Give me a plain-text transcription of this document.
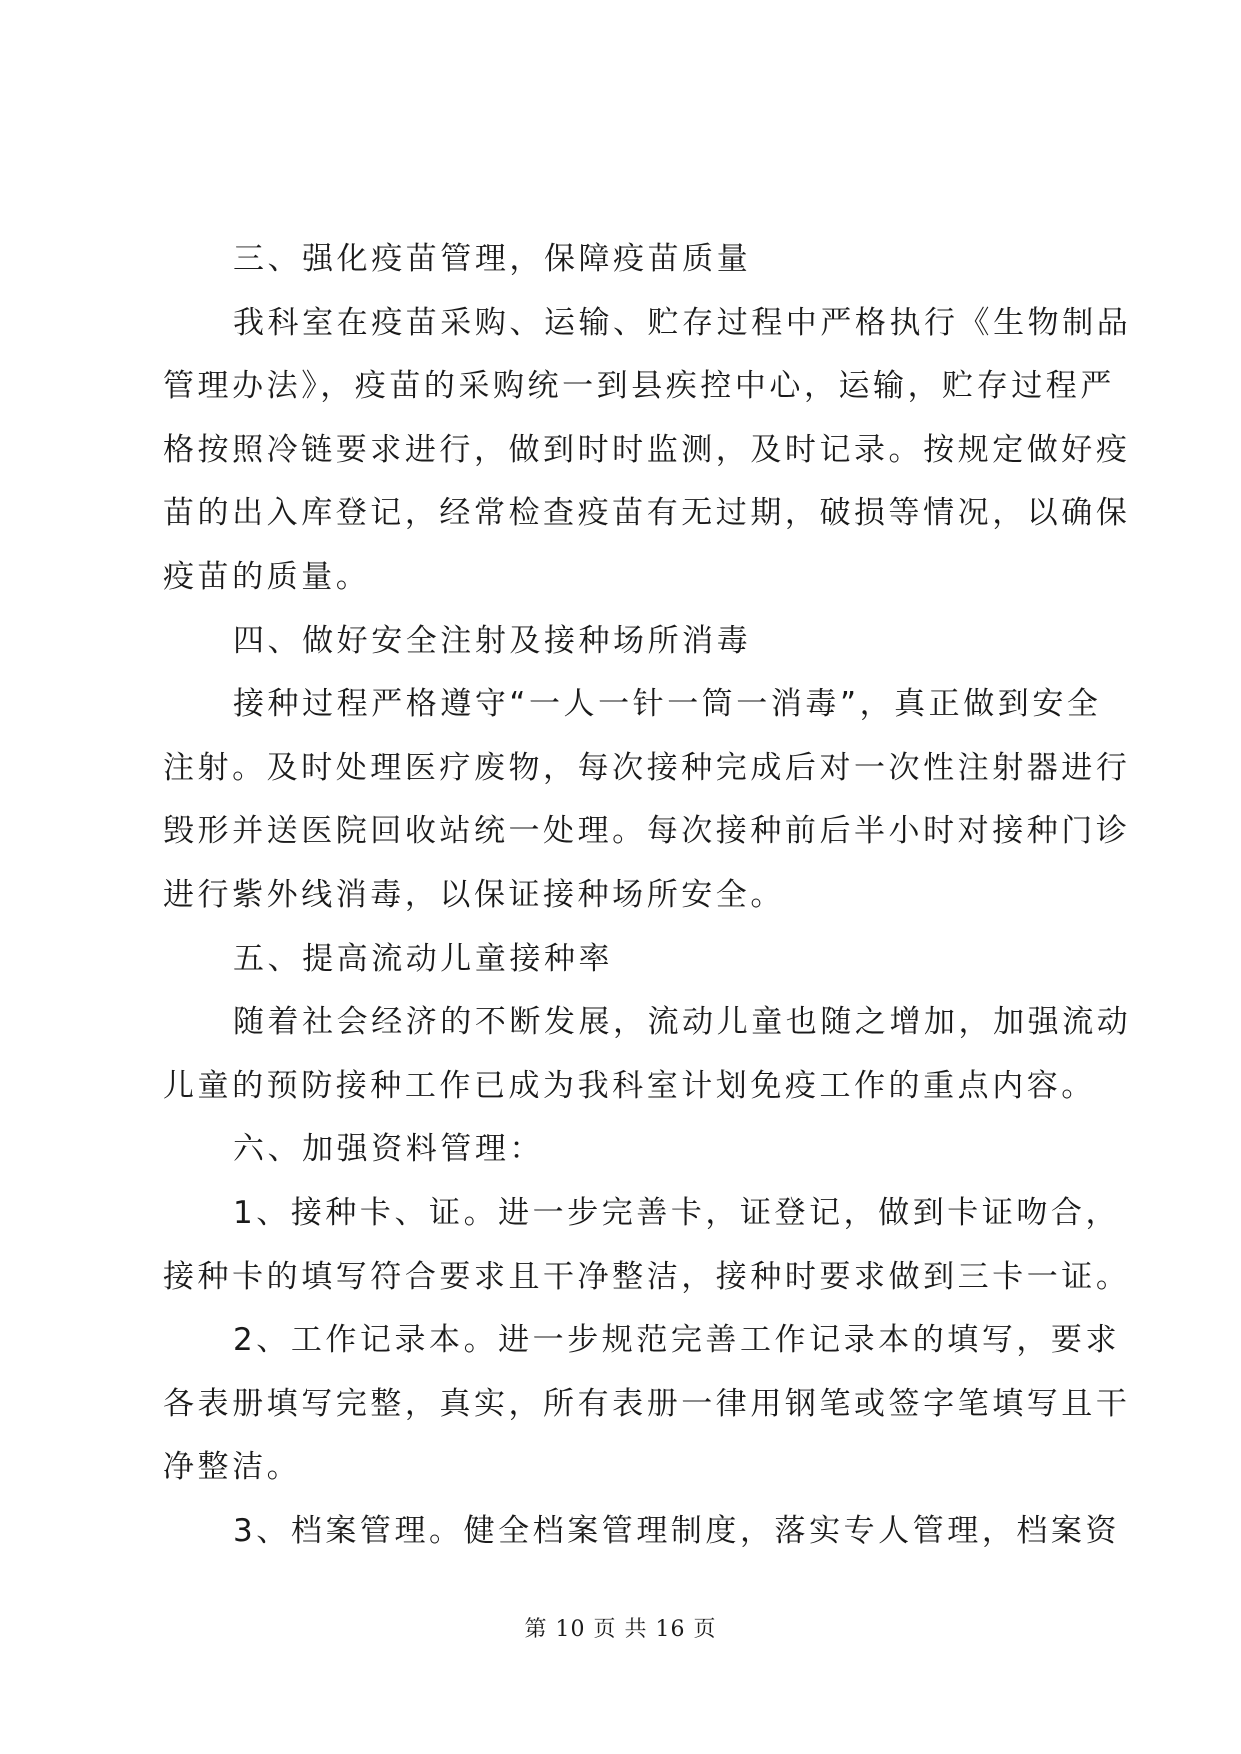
三、强化疫苗管理，保障疫苗质量
我科室在疫苗采购、运输、贮存过程中严格执行《生物制品
管理办法》，疫苗的采购统一到县疾控中心，运输，贮存过程严
格按照冷链要求进行，做到时时监测，及时记录。按规定做好疫
苗的出入库登记，经常检查疫苗有无过期，破损等情况，以确保
疫苗的质量。
四、做好安全注射及接种场所消毒
接种过程严格遵守“一人一针一筒一消毒”，真正做到安全
注射。及时处理医疗废物，每次接种完成后对一次性注射器进行
毁形并送医院回收站统一处理。每次接种前后半小时对接种门诊
进行紫外线消毒，以保证接种场所安全。
五、提高流动儿童接种率
随着社会经济的不断发展，流动儿童也随之增加，加强流动
儿童的预防接种工作已成为我科室计划免疫工作的重点内容。
六、加强资料管理：
1、接种卡、证。进一步完善卡，证登记，做到卡证吻合，
接种卡的填写符合要求且干净整洁，接种时要求做到三卡一证。
2、工作记录本。进一步规范完善工作记录本的填写，要求
各表册填写完整，真实，所有表册一律用钢笔或签字笔填写且干
净整洁。
3、档案管理。健全档案管理制度，落实专人管理，档案资
第 10 页 共 16 页
